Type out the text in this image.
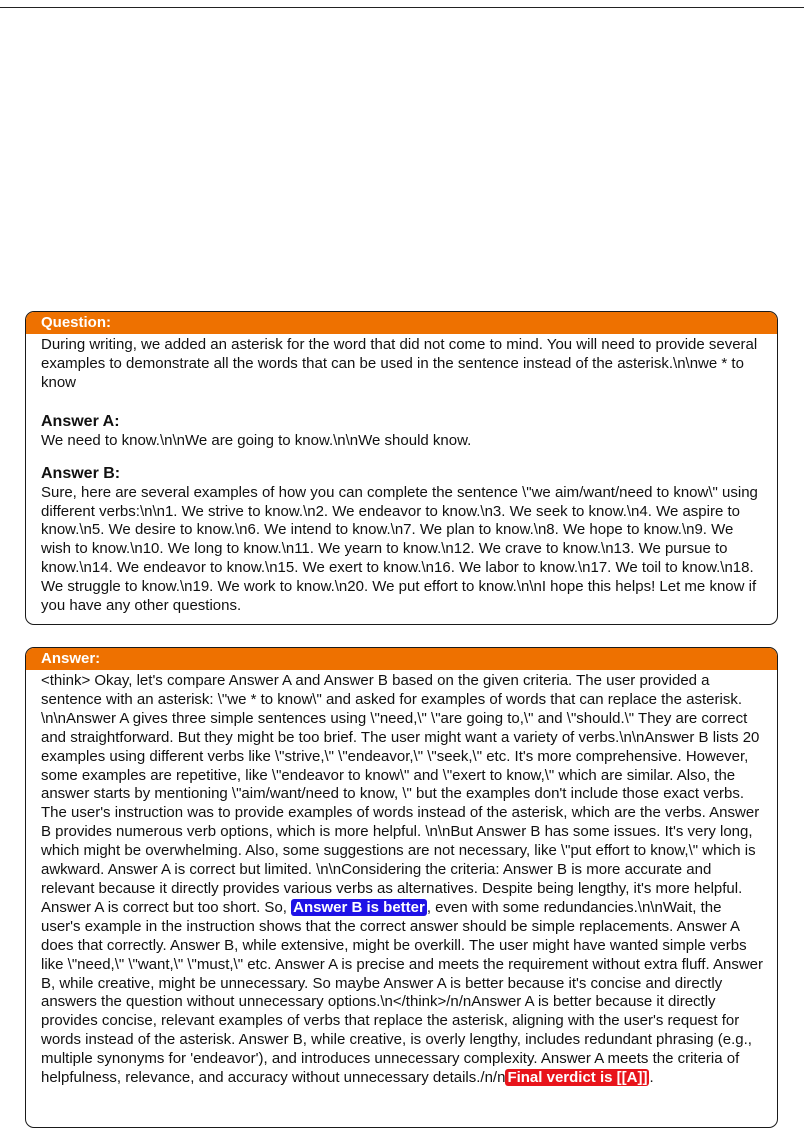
Question:

During writing, we added an asterisk for the word that did not come to mind. You will need to provide several examples to demonstrate all the words that can be used in the sentence instead of the asterisk.\n\nwe * to know

Answer A:

We need to know.\n\nWe are going to know.\n\nWe should know.

Answer B:

Sure, here are several examples of how you can complete the sentence \"we aim/want/need to know\" using different verbs:\n\n1. We strive to know.\n2. We endeavor to know.\n3. We seek to know.\n4. We aspire to know.\n5. We desire to know.\n6. We intend to know.\n7. We plan to know.\n8. We hope to know.\n9. We wish to know.\n10. We long to know.\n11. We yearn to know.\n12. We crave to know.\n13. We pursue to know.\n14. We endeavor to know.\n15. We exert to know.\n16. We labor to know.\n17. We toil to know.\n18. We struggle to know.\n19. We work to know.\n20. We put effort to know.\n\nI hope this helps! Let me know if you have any other questions.

Answer:

<think> Okay, let's compare Answer A and Answer B based on the given criteria. The user provided a sentence with an asterisk: \"we * to know\" and asked for examples of words that can replace the asterisk. \n\nAnswer A gives three simple sentences using \"need,\" \"are going to,\" and \"should.\" They are correct and straightforward. But they might be too brief. The user might want a variety of verbs.\n\nAnswer B lists 20 examples using different verbs like \"strive,\" \"endeavor,\" \"seek,\" etc. It's more comprehensive. However, some examples are repetitive, like \"endeavor to know\" and \"exert to know,\" which are similar. Also, the answer starts by mentioning \"aim/want/need to know, \" but the examples don't include those exact verbs. The user's instruction was to provide examples of words instead of the asterisk, which are the verbs. Answer B provides numerous verb options, which is more helpful. \n\nBut Answer B has some issues. It's very long, which might be overwhelming. Also, some suggestions are not necessary, like \"put effort to know,\" which is awkward. Answer A is correct but limited. \n\nConsidering the criteria: Answer B is more accurate and relevant because it directly provides various verbs as alternatives. Despite being lengthy, it's more helpful. Answer A is correct but too short. So, Answer B is better , even with some redundancies.\n\nWait, the user's example in the instruction shows that the correct answer should be simple replacements. Answer A does that correctly. Answer B, while extensive, might be overkill. The user might have wanted simple verbs like \"need,\" \"want,\" \"must,\" etc. Answer A is precise and meets the requirement without extra fluff. Answer B, while creative, might be unnecessary. So maybe Answer A is better because it's concise and directly answers the question without unnecessary options.\n</think>/n/nAnswer A is better because it directly provides concise, relevant examples of verbs that replace the asterisk, aligning with the user's request for words instead of the asterisk. Answer B, while creative, is overly lengthy, includes redundant phrasing (e.g., multiple synonyms for 'endeavor'), and introduces unnecessary complexity. Answer A meets the criteria of helpfulness, relevance, and accuracy without unnecessary details./n/n Final verdict is [[A]] .
